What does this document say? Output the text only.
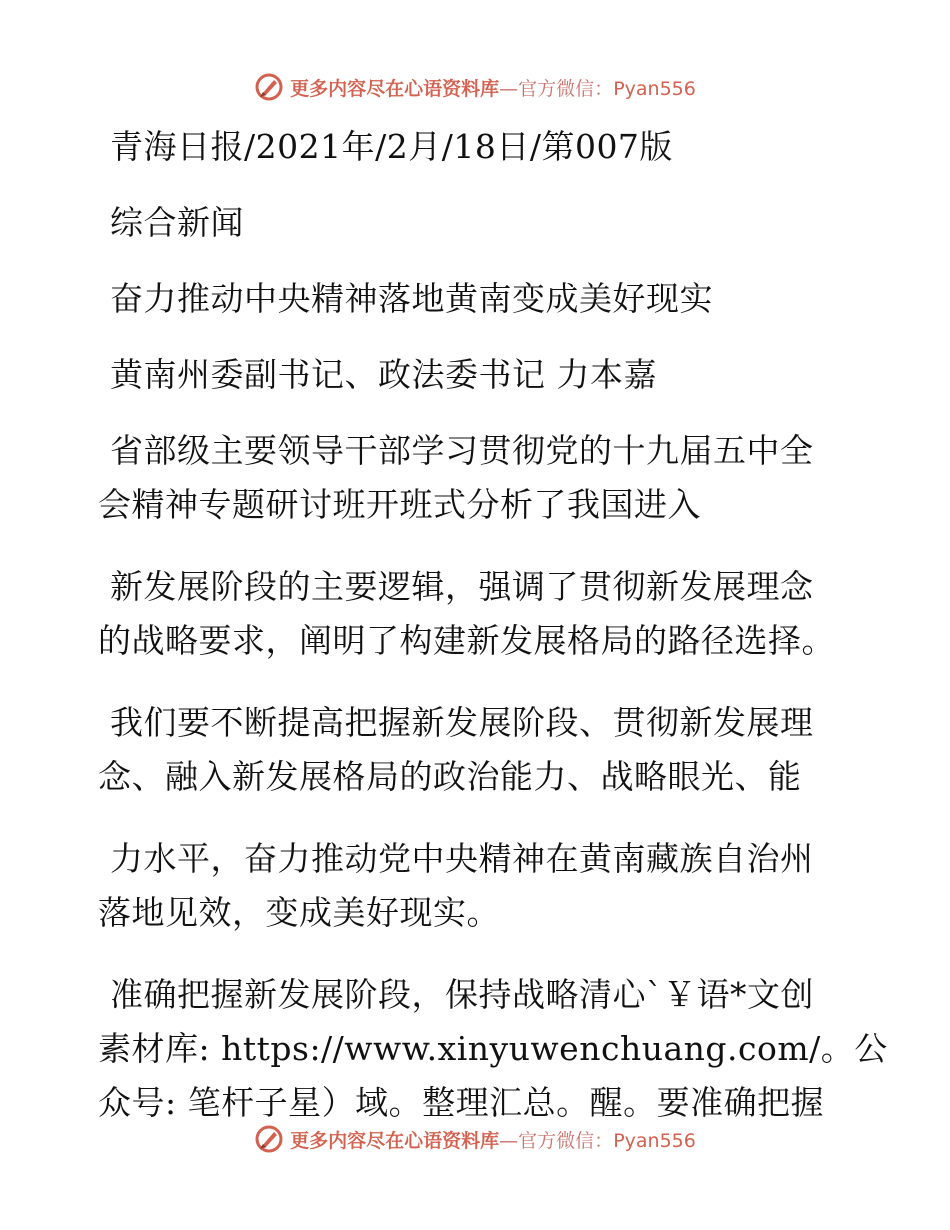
更多内容尽在心语资料库—官方微信：Pyan556
青海日报/2021年/2月/18日/第007版
综合新闻
奋力推动中央精神落地黄南变成美好现实
黄南州委副书记、政法委书记 力本嘉
省部级主要领导干部学习贯彻党的十九届五中全
会精神专题研讨班开班式分析了我国进入
新发展阶段的主要逻辑，强调了贯彻新发展理念
的战略要求，阐明了构建新发展格局的路径选择。
我们要不断提高把握新发展阶段、贯彻新发展理
念、融入新发展格局的政治能力、战略眼光、能
力水平，奋力推动党中央精神在黄南藏族自治州
落地见效，变成美好现实。
准确把握新发展阶段，保持战略清心`￥语*文创
素材库: https://www.xinyuwenchuang.com/。公
众号: 笔杆子星）域。整理汇总。醒。要准确把握
更多内容尽在心语资料库—官方微信：Pyan556
